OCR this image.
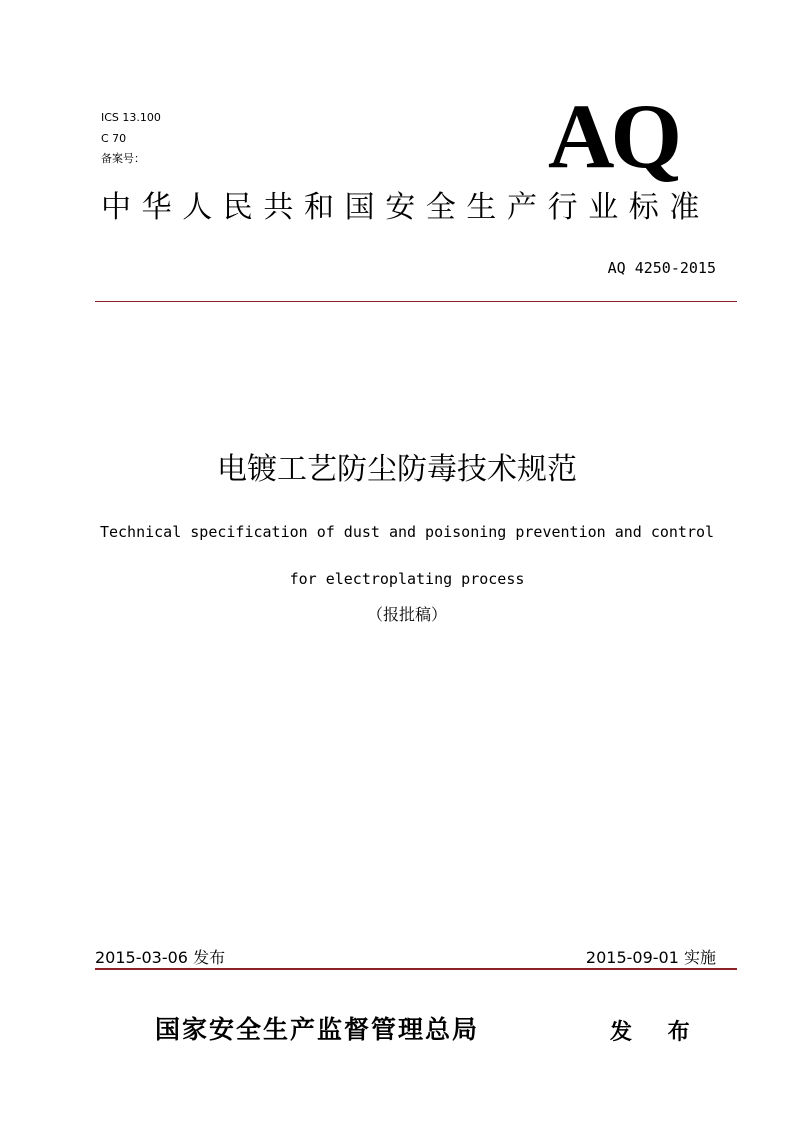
ICS 13.100
C 70
备案号：	AQ
中华人民共和国安全生产行业标准
AQ 4250-2015
电镀工艺防尘防毒技术规范
Technical specification of dust and poisoning prevention and control
for electroplating process
（报批稿）
2015-03-06 发布	2015-09-01 实施
国家安全生产监督管理总局	发 布
